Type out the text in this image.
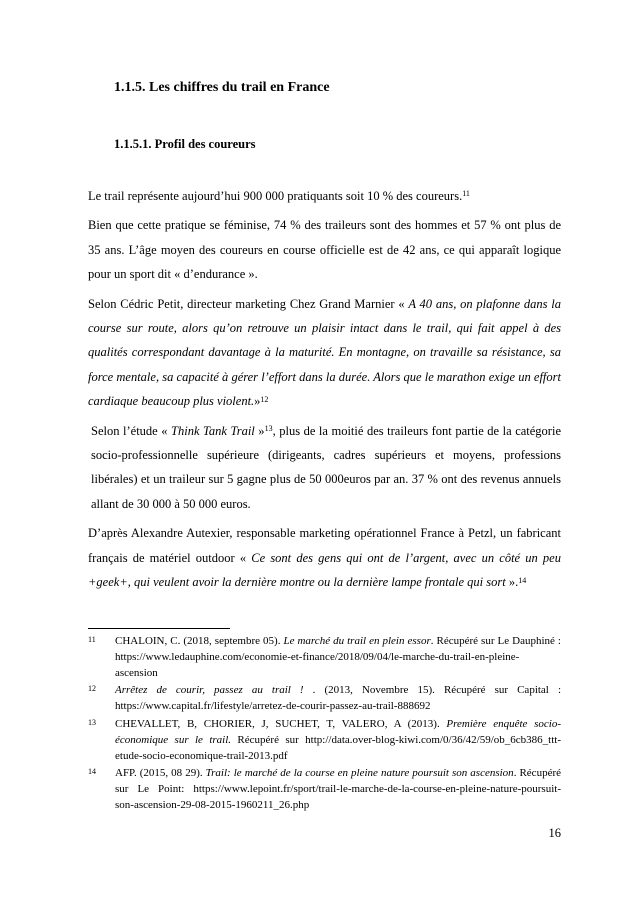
1.1.5. Les chiffres du trail en France
1.1.5.1. Profil des coureurs

Le trail représente aujourd’hui 900 000 pratiquants soit 10 % des coureurs.$^{11}$

Bien que cette pratique se féminise, 74 % des traileurs sont des hommes et 57 % ont plus de 35 ans. L’âge moyen des coureurs en course officielle est de 42 ans, ce qui apparaît logique pour un sport dit « d’endurance ».

Selon Cédric Petit, directeur marketing Chez Grand Marnier « A 40 ans, on plafonne dans la course sur route, alors qu’on retrouve un plaisir intact dans le trail, qui fait appel à des qualités correspondant davantage à la maturité. En montagne, on travaille sa résistance, sa force mentale, sa capacité à gérer l’effort dans la durée. Alors que le marathon exige un effort cardiaque beaucoup plus violent.»$^{12}$

Selon l’étude « Think Tank Trail »$^{13}$, plus de la moitié des traileurs font partie de la catégorie socio-professionnelle supérieure (dirigeants, cadres supérieurs et moyens, professions libérales) et un traileur sur 5 gagne plus de 50 000euros par an. 37 % ont des revenus annuels allant de 30 000 à 50 000 euros.

D’après Alexandre Autexier, responsable marketing opérationnel France à Petzl, un fabricant français de matériel outdoor « Ce sont des gens qui ont de l’argent, avec un côté un peu +geek+, qui veulent avoir la dernière montre ou la dernière lampe frontale qui sort ».$^{14}$

11 CHALOIN, C. (2018, septembre 05). Le marché du trail en plein essor. Récupéré sur Le Dauphiné : https://www.ledauphine.com/economie-et-finance/2018/09/04/le-marche-du-trail-en-pleine-ascension

12 Arrêtez de courir, passez au trail ! . (2013, Novembre 15). Récupéré sur Capital : https://www.capital.fr/lifestyle/arretez-de-courir-passez-au-trail-888692

13 CHEVALLET, B, CHORIER, J, SUCHET, T, VALERO, A (2013). Première enquête socio-économique sur le trail. Récupéré sur http://data.over-blog-kiwi.com/0/36/42/59/ob_6cb386_ttt-etude-socio-economique-trail-2013.pdf

14 AFP. (2015, 08 29). Trail: le marché de la course en pleine nature poursuit son ascension. Récupéré sur Le Point: https://www.lepoint.fr/sport/trail-le-marche-de-la-course-en-pleine-nature-poursuit-son-ascension-29-08-2015-1960211_26.php

16
